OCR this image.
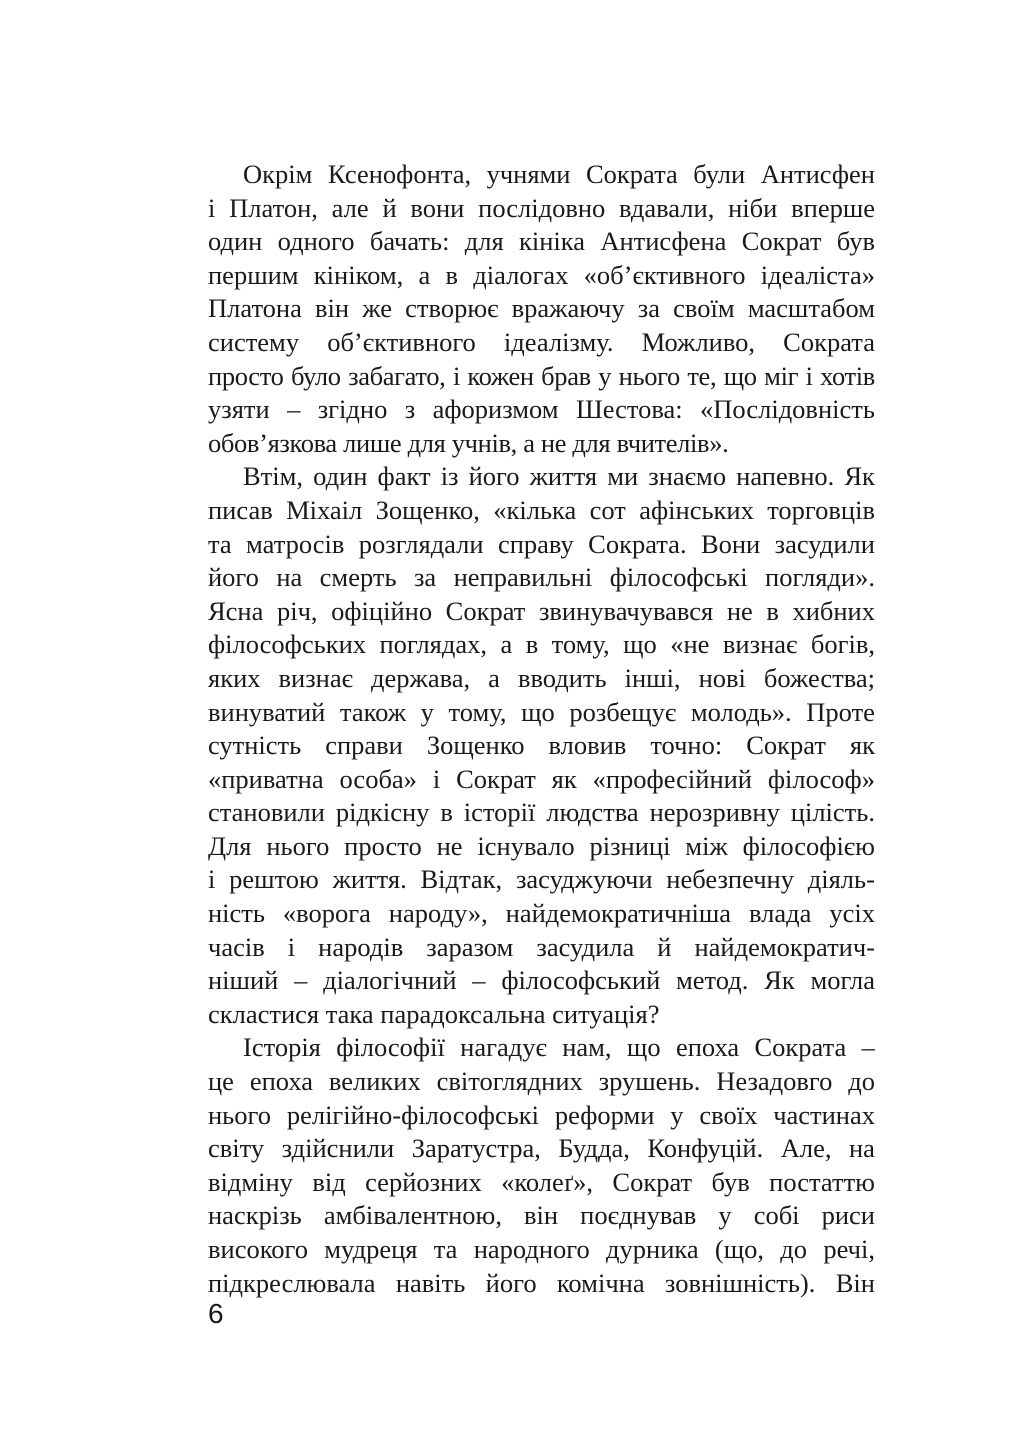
Окрім Ксенофонта, учнями Сократа були Антисфен
і Платон, але й вони послідовно вдавали, ніби вперше
один одного бачать: для кініка Антисфена Сократ був
першим кініком, а в діалогах «об’єктивного ідеаліста»
Платона він же створює вражаючу за своїм масштабом
систему об’єктивного ідеалізму. Можливо, Сократа
просто було забагато, і кожен брав у нього те, що міг і хотів
узяти – згідно з афоризмом Шестова: «Послідовність
обов’язкова
лише
для
учнів,
а
не
для
вчителів».
Втім, один факт із його життя ми знаємо напевно. Як
писав Міхаіл Зощенко, «кілька сот афінських торговців
та матросів розглядали справу Сократа. Вони засудили
його на смерть за неправильні філософські погляди».
Ясна річ, офіційно Сократ звинувачувався не в хибних
філософських поглядах, а в тому, що «не визнає богів,
яких визнає держава, а вводить інші, нові божества;
винуватий також у тому, що розбещує молодь». Проте
сутність справи Зощенко вловив точно: Сократ як
«приватна особа» і Сократ як «професійний філософ»
становили рідкісну в історії людства нерозривну цілість.
Для нього просто не існувало різниці між філософією
і рештою життя. Відтак, засуджуючи небезпечну діяль-
ність «ворога народу», найдемократичніша влада усіх
часів і народів заразом засудила й найдемократич-
ніший – діалогічний – філософський метод. Як могла
скластися
така
парадоксальна
ситуація?
Історія філософії нагадує нам, що епоха Сократа –
це епоха великих світоглядних зрушень. Незадовго до
нього релігійно-філософські реформи у своїх частинах
світу здійснили Заратустра, Будда, Конфуцій. Але, на
відміну від серйозних «колеґ», Сократ був постаттю
наскрізь амбівалентною, він поєднував у собі риси
високого мудреця та народного дурника (що, до речі,
підкреслювала навіть його комічна зовнішність). Він
6
